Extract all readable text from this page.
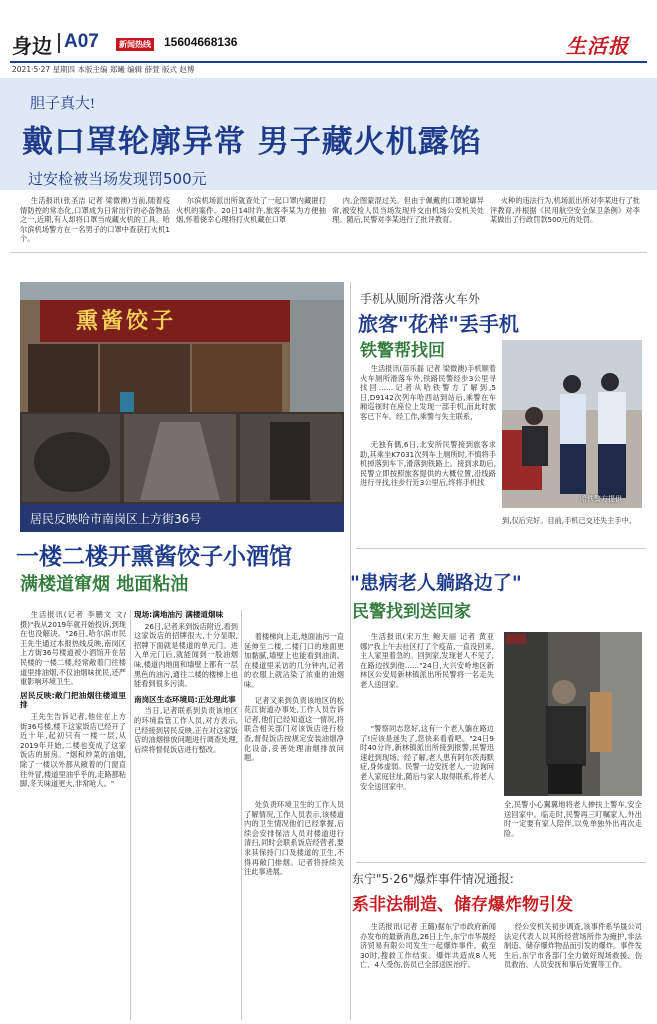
身边 A07	新闻热线 15604668136	生活报
2021·5·27 星期四 本版主编 郑曦 编辑 薛萱 版式 赵博
胆子真大!
戴口罩轮廓异常 男子藏火机露馅
过安检被当场发现罚500元

生活报讯(张圣洁 记者 梁微澳)当前,随着疫情防控的常态化,口罩成为日常出行的必备物品之一,近期,有人却将口罩当成藏火机的工具。哈尔滨机场警方在一名男子的口罩中查获打火机1个。

尔滨机场派出所就查处了一起口罩内藏匿打火机的案件。20日14时许,旅客李某为方便抽烟,怀着侥幸心理将打火机藏在口罩

内,企图蒙混过关。但由于佩戴的口罩轮廓异常,被安检人员当场发现并交由机场公安机关处理。随后,民警对李某进行了批评教育。

火种的违法行为,机场派出所对李某进行了批评教育,并根据《民用航空安全保卫条例》对李某做出了行政罚款500元的处罚。

熏酱饺子
居民反映哈市南岗区上方街36号
一楼二楼开熏酱饺子小酒馆
满楼道窜烟 地面粘油

生活报讯(记者 李鹏文 文/摄)"我从2019年就开始投诉,到现在也没解决。"26日,哈尔滨市民王先生通过本报热线反映,南岗区上方街36号楼道被小酒馆开在居民楼的一楼二楼,经常敞着门往楼道里排油烟,不仅油烟味扰民,还严重影响环境卫生。

居民反映:敞门把油烟往楼道里排

王先生告诉记者,他住在上方街36号楼,楼下这家饭店已经开了近十年,起初只有一楼一层,从2019年开始,二楼也变成了这家饭店的厨房。"烟和炒菜的油烟,除了一楼以外都从敞着的门窗直往外冒,楼道里油乎乎的,走路都粘脚,冬天味道更大,非常呛人。"

现场:满地油污 满楼道烟味

26日,记者来到饭店附近,看到这家饭店的招牌很大,十分显眼,招牌下面就是楼道的单元门。进入单元门后,就能闻到一股油烟味,楼道内地面和墙壁上都有一层黑色的油污,通往二楼的楼梯上也能看到很多污渍。

南岗区生态环境局:正处理此事

当日,记者联系到负责该地区的环境监管工作人员,对方表示,已经接到居民反映,正在对这家饭店的油烟排放问题进行调查处理,后续将督促饭店进行整改。

着楼梯向上走,地面油污一直延伸至二楼,二楼门口的地面更加黏腻,墙壁上也能看到油渍。在楼道里采访的几分钟内,记者的衣服上就沾染了浓重的油烟味。

记者又来到负责该地区的松花江街道办事处,工作人员告诉记者,他们已经知道这一情况,将联合相关部门对该饭店进行检查,督促饭店按规定安装油烟净化设备,妥善处理油烟排放问题。

处负责环境卫生的工作人员了解情况,工作人员表示,该楼道内的卫生情况他们已经掌握,后续会安排保洁人员对楼道进行清扫,同时会联系饭店经营者,要求其保持门口及楼道的卫生,不得再敞门排烟。记者将持续关注此事进展。

手机从厕所滑落火车外
旅客"花样"丢手机
铁警帮找回

生活报讯(苗乐磊 记者 梁微澳)手机顺着火车厕所滑落车外,铁路民警经步3公里寻找回……记者从哈铁警方了解到,5日,D9142次列车哈西站到站后,乘警在车厢巡视时在座位上发现一部手机,而此时旅客已下车。经工作,乘警与失主联系,

无独有偶,6日,北安所民警接到旅客求助,其乘坐K7031次列车上厕所时,不慎将手机掉落到车下,滑落到铁路上。接到求助后,民警立即按照旅客提供的大概位置,沿线路进行寻找,往步行近3公里后,终将手机找

哈铁警方提供
到,仅后完好。目前,手机已交还失主手中。
"患病老人躺路边了"
民警找到送回家

生活报讯(宋万生 鲍天丽 记者 黄亚娜)"我上午去社区打了个疫苗,一直没回来,主人家里着急的。回到家,发现老人不见了,在路边找到他……"24日,大兴安岭地区新林区公安局新林镇派出所民警将一名走失老人送回家。

"警察同志您好,这有一个老人躺在路边了!应该是迷失了,您快来看看吧。"24日9时40分许,新林镇派出所接到报警,民警迅速赶到现场。经了解,老人患有阿尔茨海默症,身体虚弱。民警一边安抚老人,一边询问老人家庭住址,随后与家人取得联系,将老人安全送回家中。

全,民警小心翼翼地将老人掺扶上警车,安全送回家中。临走时,民警再三叮嘱家人,外出时一定要有家人陪伴,以免单独外出再次走险。
东宁"5·26"爆炸事件情况通报:
系非法制造、储存爆炸物引发

生活报讯(记者 王璐)据东宁市政府新闻办发布的最新消息,26日上午,东宁市华晟经济贸易有限公司发生一起爆炸事件。截至30时,搜救工作结束。爆炸共造成8人死亡、4人受伤,伤员已全部送医治疗。

经公安机关初步调查,该事件系华晟公司法定代表人以其所经营场所作为掩护,非法制造、储存爆炸物品而引发的爆炸。事件发生后,东宁市各部门全力做好现场救援、伤员救治、人员安抚和事后处置等工作。
